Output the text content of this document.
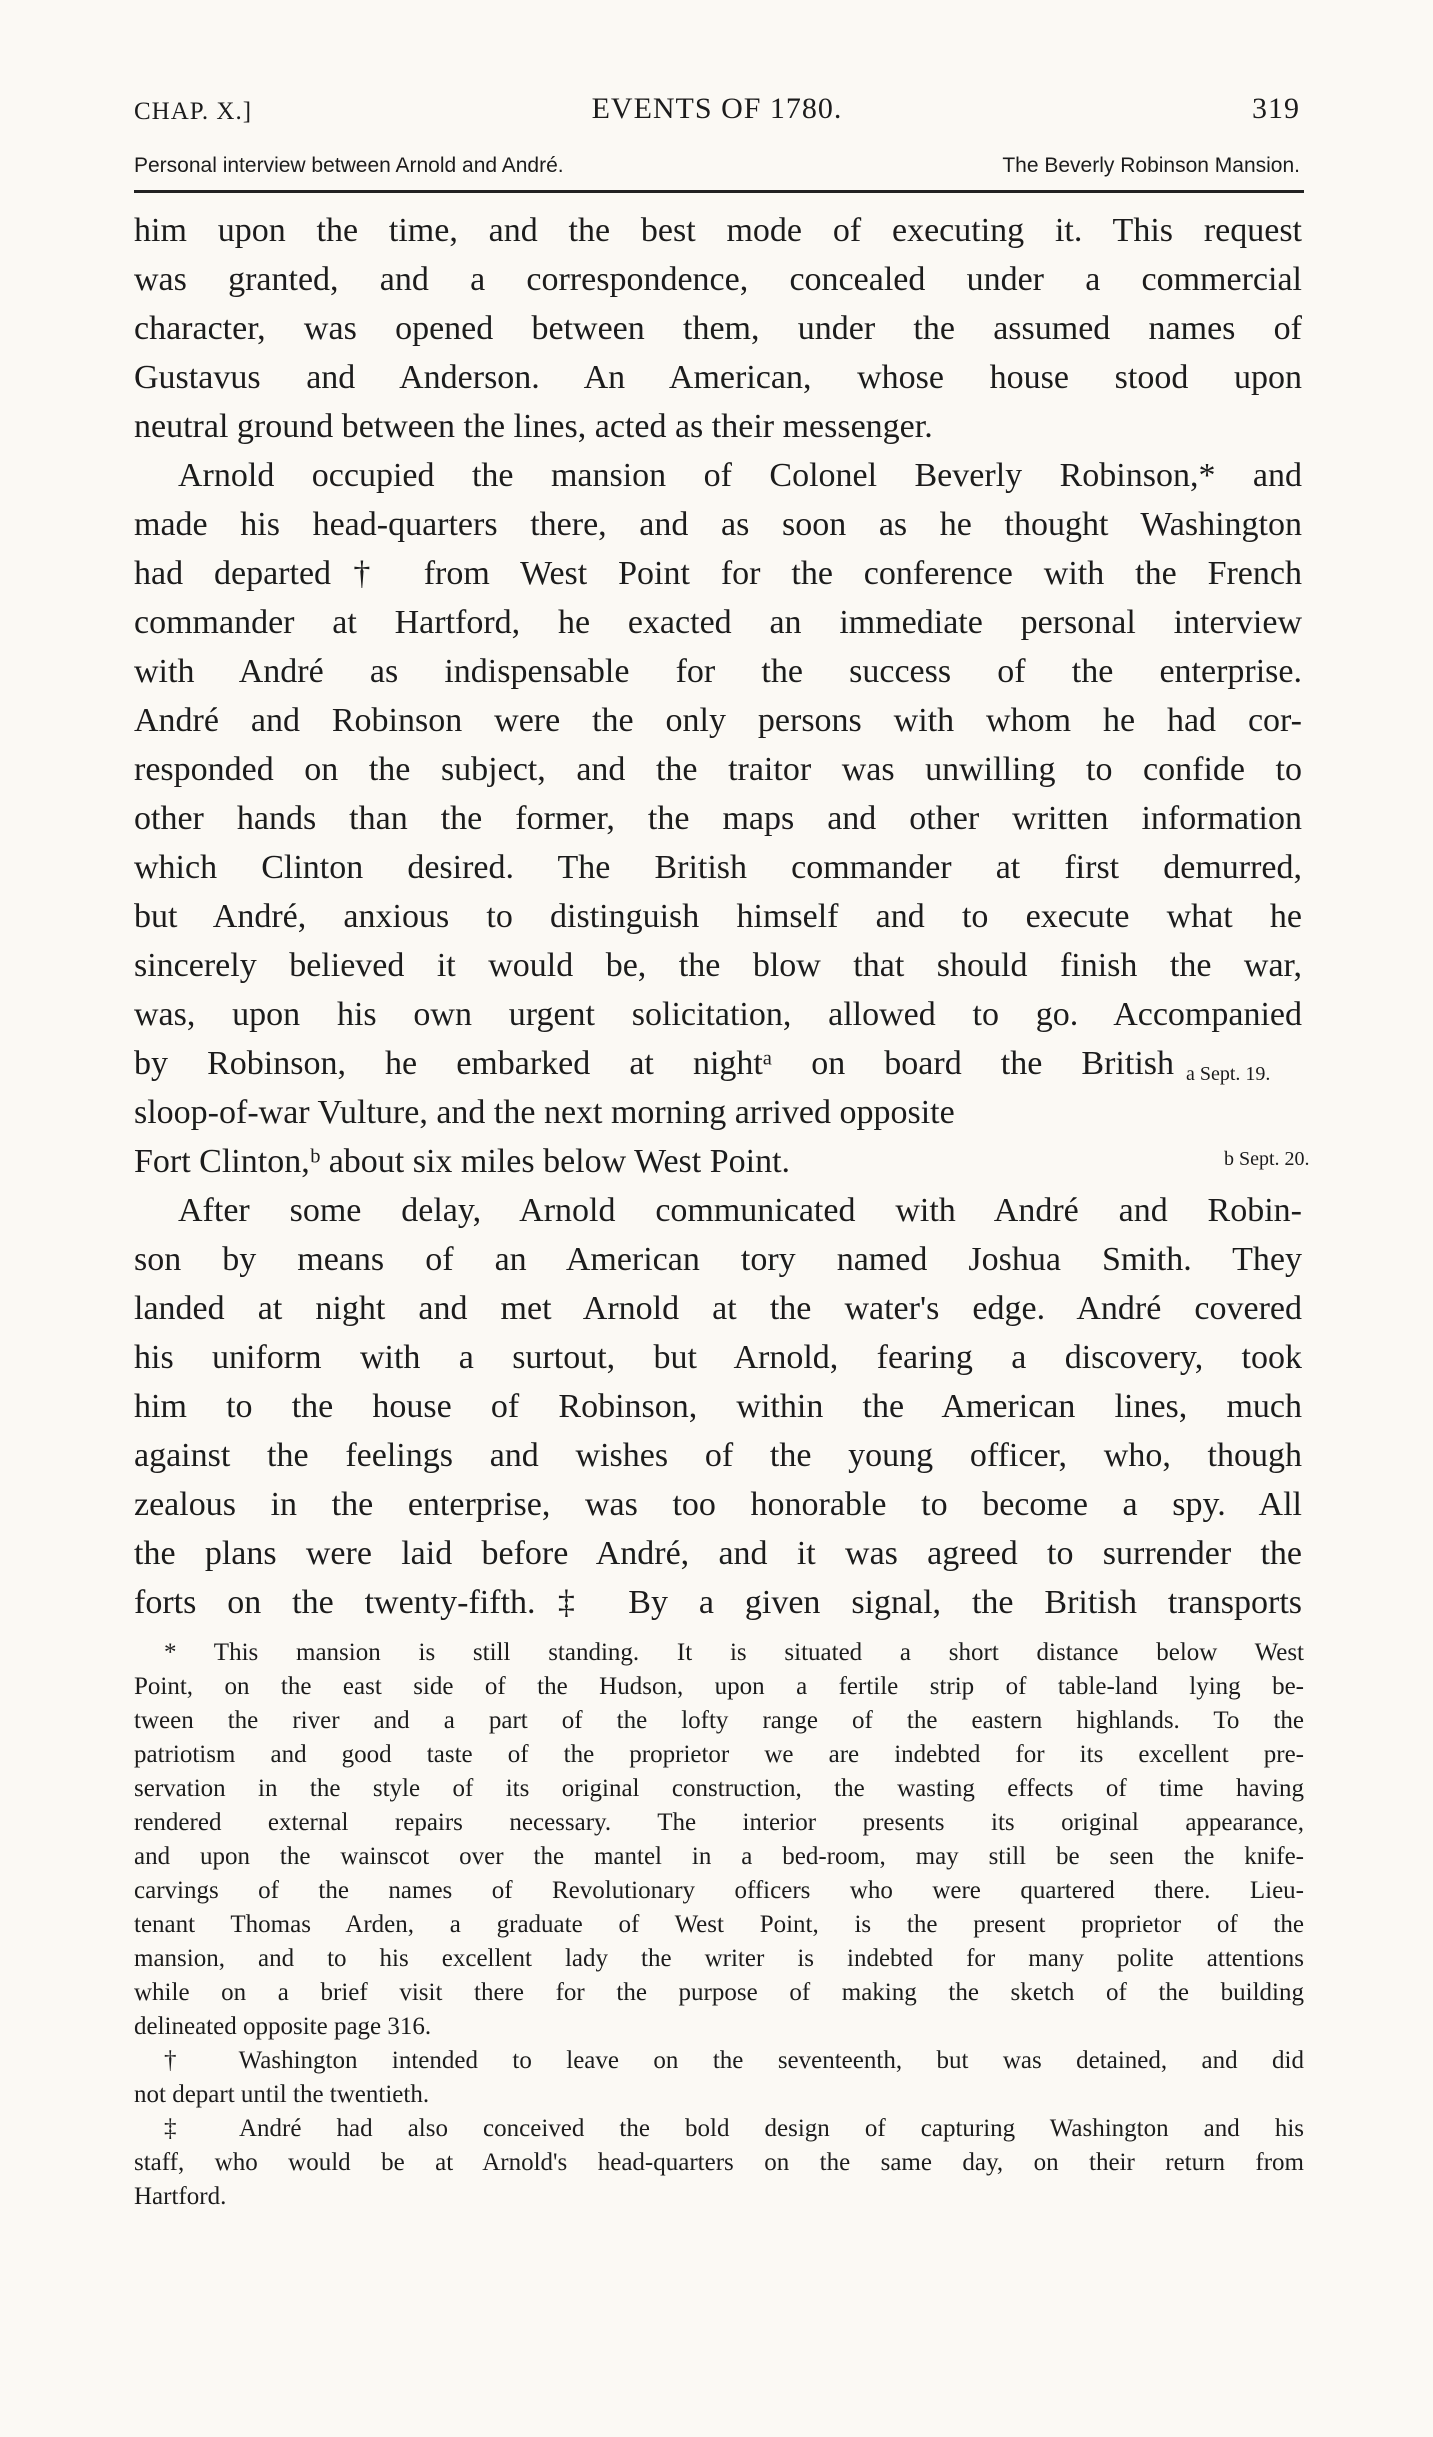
CHAP. X.]	EVENTS OF 1780.	319
Personal interview between Arnold and André.	The Beverly Robinson Mansion.
him upon the time, and the best mode of executing it. This request
was granted, and a correspondence, concealed under a commercial
character, was opened between them, under the assumed names of
Gustavus and Anderson. An American, whose house stood upon
neutral ground between the lines, acted as their messenger.
Arnold occupied the mansion of Colonel Beverly Robinson,* and
made his head-quarters there, and as soon as he thought Washington
had departed† from West Point for the conference with the French
commander at Hartford, he exacted an immediate personal interview
with André as indispensable for the success of the enterprise.
André and Robinson were the only persons with whom he had cor-
responded on the subject, and the traitor was unwilling to confide to
other hands than the former, the maps and other written information
which Clinton desired. The British commander at first demurred,
but André, anxious to distinguish himself and to execute what he
sincerely believed it would be, the blow that should finish the war,
was, upon his own urgent solicitation, allowed to go. Accompanied
by Robinson, he embarked at nightᵃ on board the British
sloop-of-war Vulture, and the next morning arrived opposite
Fort Clinton,ᵇ about six miles below West Point.
After some delay, Arnold communicated with André and Robin-
son by means of an American tory named Joshua Smith. They
landed at night and met Arnold at the water's edge. André covered
his uniform with a surtout, but Arnold, fearing a discovery, took
him to the house of Robinson, within the American lines, much
against the feelings and wishes of the young officer, who, though
zealous in the enterprise, was too honorable to become a spy. All
the plans were laid before André, and it was agreed to surrender the
forts on the twenty-fifth.‡ By a given signal, the British transports
a Sept. 19.
b Sept. 20.
* This mansion is still standing. It is situated a short distance below West
Point, on the east side of the Hudson, upon a fertile strip of table-land lying be-
tween the river and a part of the lofty range of the eastern highlands. To the
patriotism and good taste of the proprietor we are indebted for its excellent pre-
servation in the style of its original construction, the wasting effects of time having
rendered external repairs necessary. The interior presents its original appearance,
and upon the wainscot over the mantel in a bed-room, may still be seen the knife-
carvings of the names of Revolutionary officers who were quartered there. Lieu-
tenant Thomas Arden, a graduate of West Point, is the present proprietor of the
mansion, and to his excellent lady the writer is indebted for many polite attentions
while on a brief visit there for the purpose of making the sketch of the building
delineated opposite page 316.
† Washington intended to leave on the seventeenth, but was detained, and did
not depart until the twentieth.
‡ André had also conceived the bold design of capturing Washington and his
staff, who would be at Arnold's head-quarters on the same day, on their return from
Hartford.
